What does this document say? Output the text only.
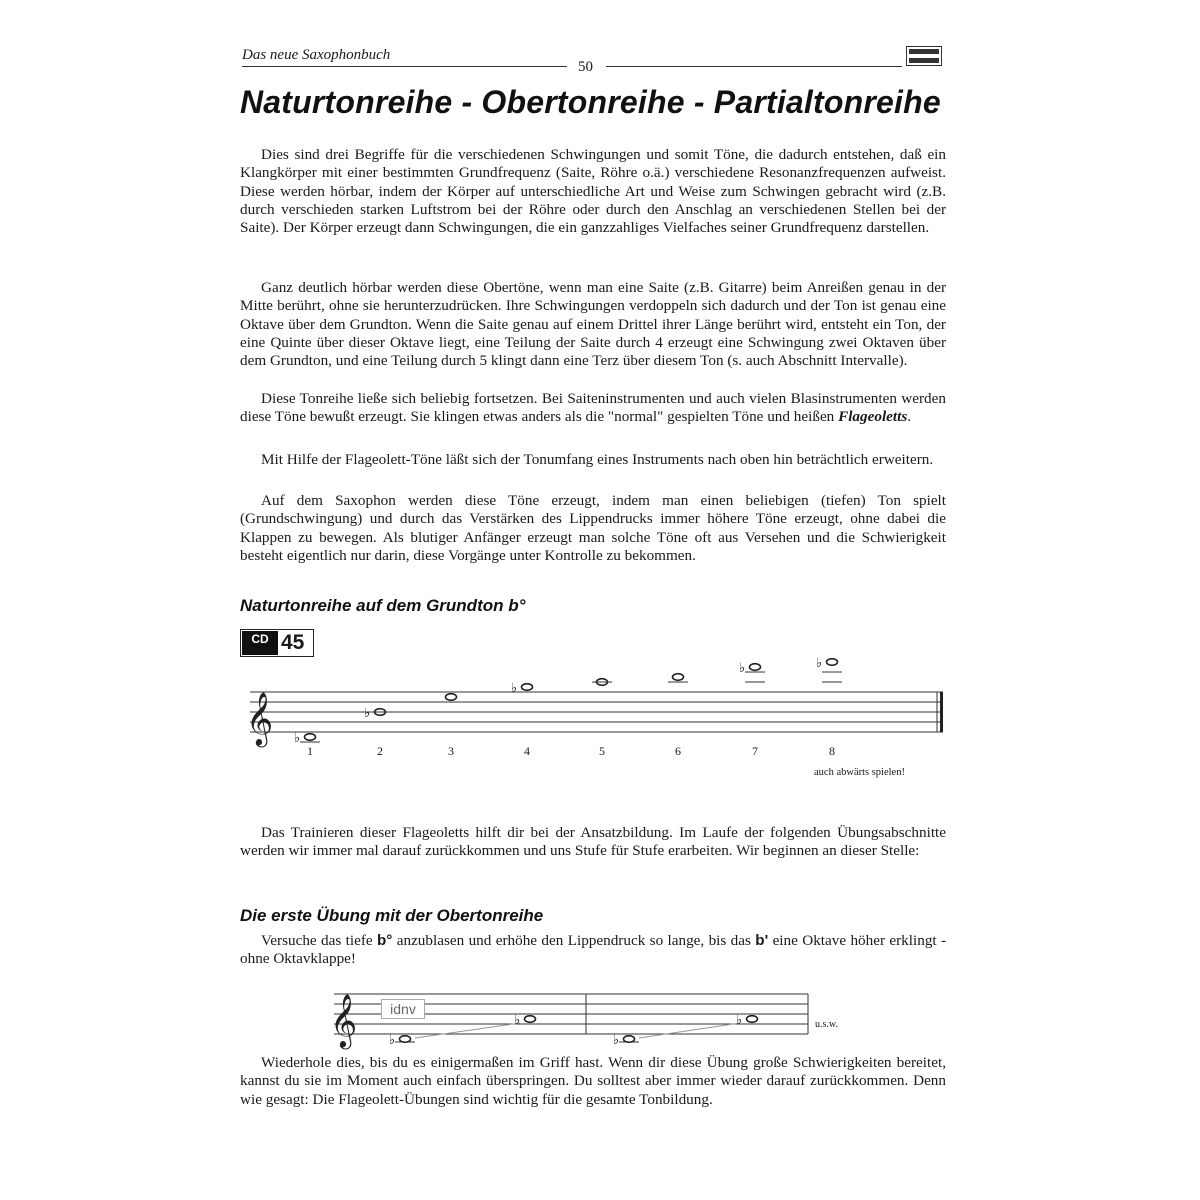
Das neue Saxophonbuch
50
Naturtonreihe - Obertonreihe - Partialtonreihe

Dies sind drei Begriffe für die verschiedenen Schwingungen und somit Töne, die dadurch entstehen, daß ein Klangkörper mit einer bestimmten Grundfrequenz (Saite, Röhre o.ä.) verschiedene Resonanzfrequenzen aufweist. Diese werden hörbar, indem der Körper auf unterschiedliche Art und Weise zum Schwingen gebracht wird (z.B. durch verschieden starken Luftstrom bei der Röhre oder durch den Anschlag an verschiedenen Stellen bei der Saite). Der Körper erzeugt dann Schwingungen, die ein ganzzahliges Vielfaches seiner Grundfrequenz darstellen.

Ganz deutlich hörbar werden diese Obertöne, wenn man eine Saite (z.B. Gitarre) beim Anreißen genau in der Mitte berührt, ohne sie herunterzudrücken. Ihre Schwingungen verdoppeln sich dadurch und der Ton ist genau eine Oktave über dem Grundton. Wenn die Saite genau auf einem Drittel ihrer Länge berührt wird, entsteht ein Ton, der eine Quinte über dieser Oktave liegt, eine Teilung der Saite durch 4 erzeugt eine Schwingung zwei Oktaven über dem Grundton, und eine Teilung durch 5 klingt dann eine Terz über diesem Ton (s. auch Abschnitt Intervalle).

Diese Tonreihe ließe sich beliebig fortsetzen. Bei Saiteninstrumenten und auch vielen Blasinstrumenten werden diese Töne bewußt erzeugt. Sie klingen etwas anders als die "normal" gespielten Töne und heißen Flageoletts.

Mit Hilfe der Flageolett-Töne läßt sich der Tonumfang eines Instruments nach oben hin beträchtlich erweitern.

Auf dem Saxophon werden diese Töne erzeugt, indem man einen beliebigen (tiefen) Ton spielt (Grundschwingung) und durch das Verstärken des Lippendrucks immer höhere Töne erzeugt, ohne dabei die Klappen zu bewegen. Als blutiger Anfänger erzeugt man solche Töne oft aus Versehen und die Schwierigkeit besteht eigentlich nur darin, diese Vorgänge unter Kontrolle zu bekommen.

Naturtonreihe auf dem Grundton b°
CD 45
𝄞 ♭
♭
♭
♭	♭
1	2	3	4	5	6	7	8
auch abwärts spielen!

Das Trainieren dieser Flageoletts hilft dir bei der Ansatzbildung. Im Laufe der folgenden Übungsabschnitte werden wir immer mal darauf zurückkommen und uns Stufe für Stufe erarbeiten. Wir beginnen an dieser Stelle:

Die erste Übung mit der Obertonreihe

Versuche das tiefe b° anzublasen und erhöhe den Lippendruck so lange, bis das b' eine Oktave höher erklingt - ohne Oktavklappe!

𝄞 ♭
♭
♭
♭
idnv
u.s.w.

Wiederhole dies, bis du es einigermaßen im Griff hast. Wenn dir diese Übung große Schwierigkeiten bereitet, kannst du sie im Moment auch einfach überspringen. Du solltest aber immer wieder darauf zurückkommen. Denn wie gesagt: Die Flageolett-Übungen sind wichtig für die gesamte Tonbildung.
